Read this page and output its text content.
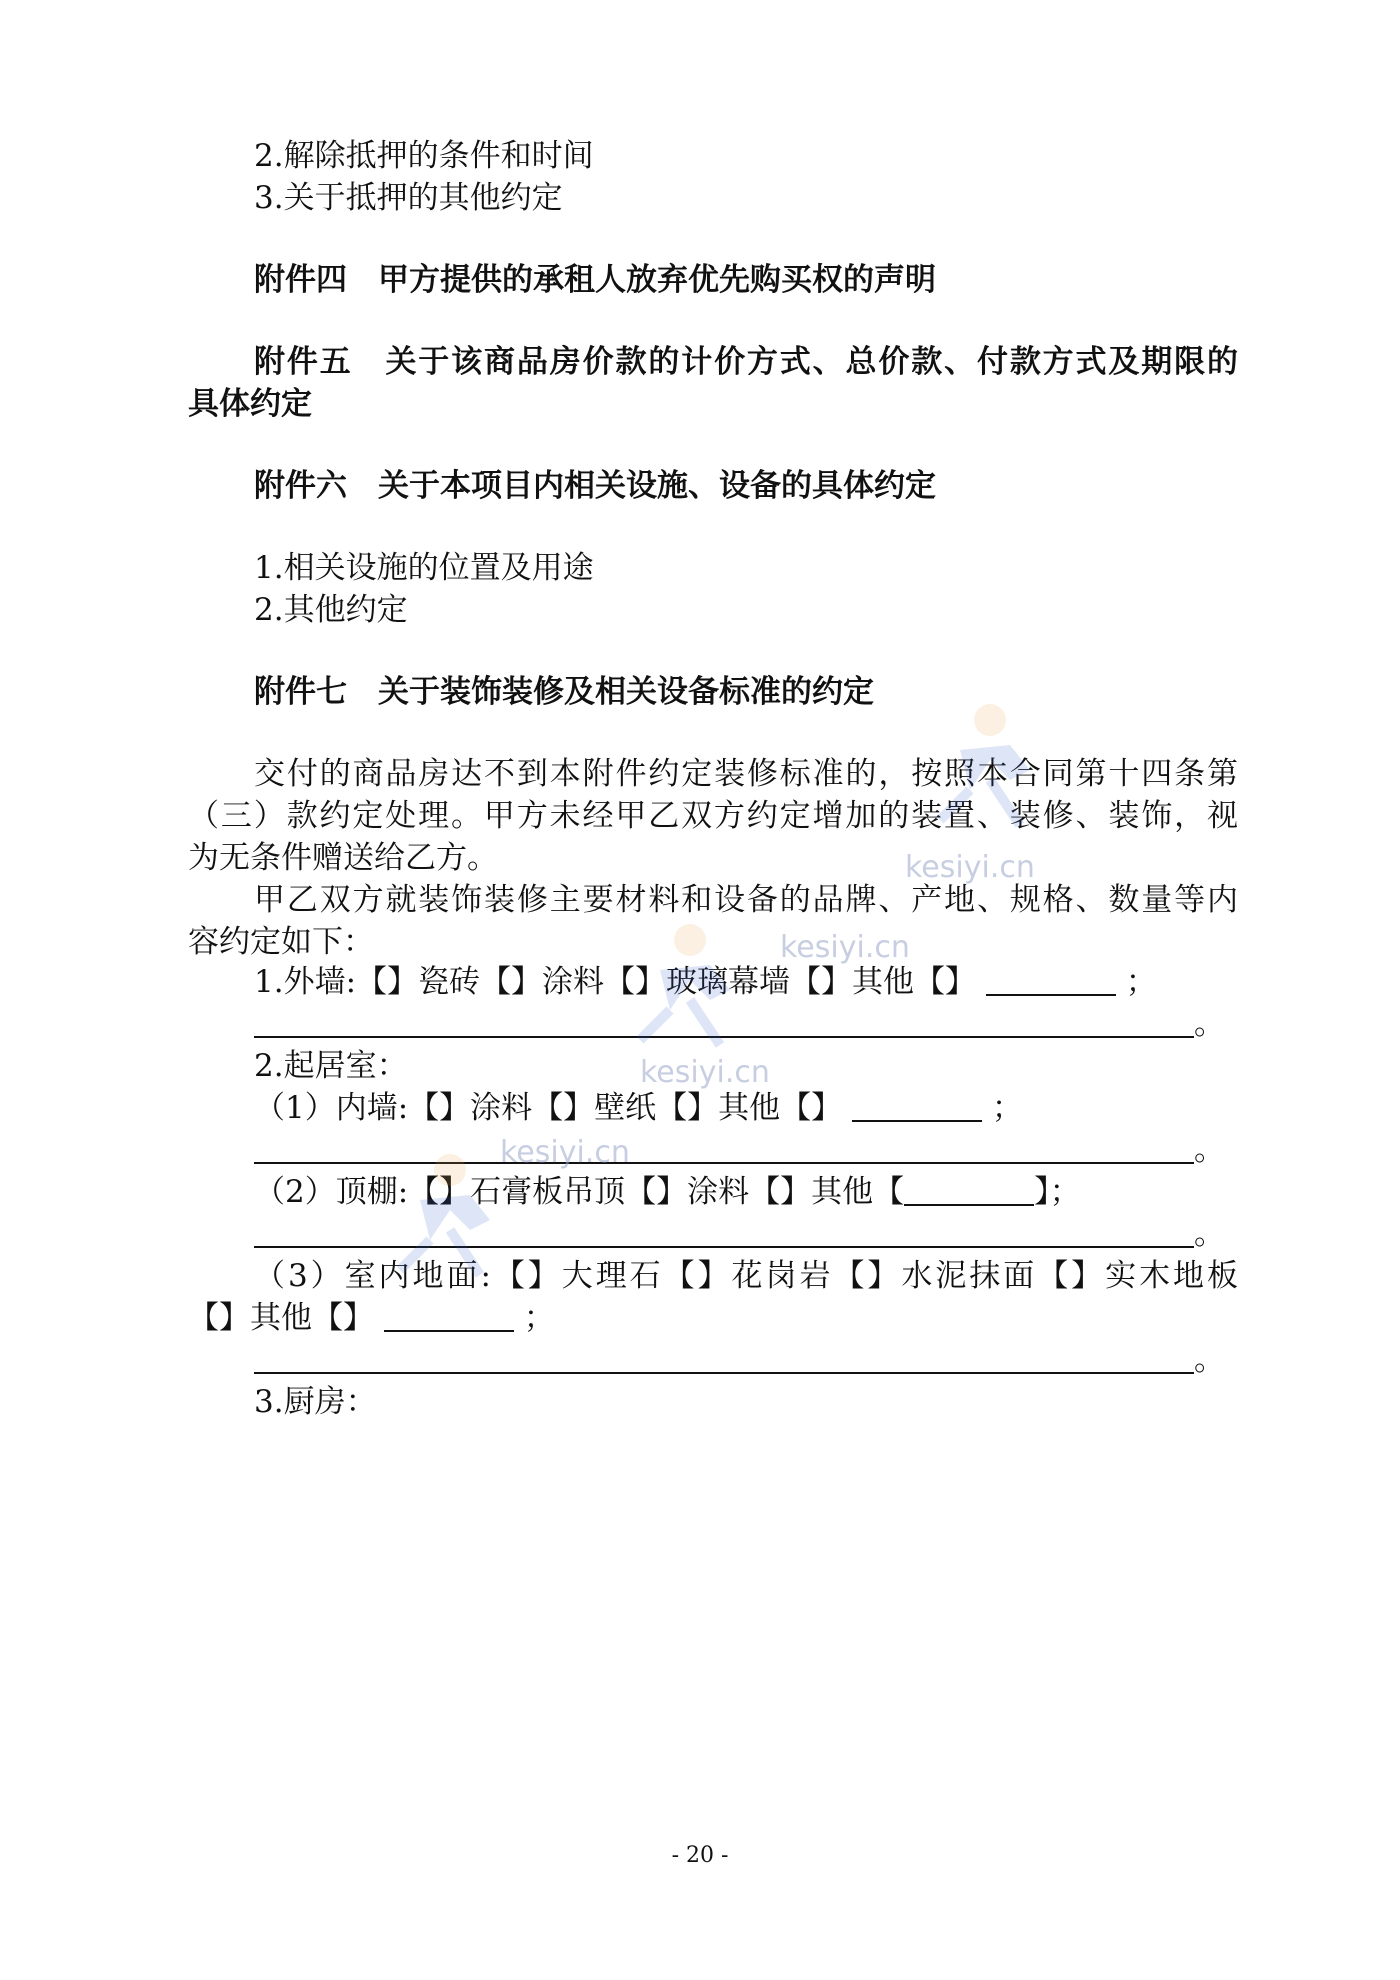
2.解除抵押的条件和时间
3.关于抵押的其他约定
附件四　甲方提供的承租人放弃优先购买权的声明
附件五　关于该商品房价款的计价方式、总价款、付款方式及期限的
具体约定
附件六　关于本项目内相关设施、设备的具体约定
1.相关设施的位置及用途
2.其他约定
附件七　关于装饰装修及相关设备标准的约定
交付的商品房达不到本附件约定装修标准的，按照本合同第十四条第
（三）款约定处理。甲方未经甲乙双方约定增加的装置、装修、装饰，视
为无条件赠送给乙方。
甲乙双方就装饰装修主要材料和设备的品牌、产地、规格、数量等内
容约定如下：
1.外墙:【】瓷砖【】涂料【】玻璃幕墙【】其他【】	；
。
2.起居室：
（1）内墙:【】涂料【】壁纸【】其他【】	；
。
（2）顶棚:【】石膏板吊顶【】涂料【】其他【	】；
。
（3）室内地面:【】大理石【】花岗岩【】水泥抹面【】实木地板
【】其他【】	；
。
3.厨房：
- 20 -
kesiyi.cn
kesiyi.cn
kesiyi.cn
kesiyi.cn
